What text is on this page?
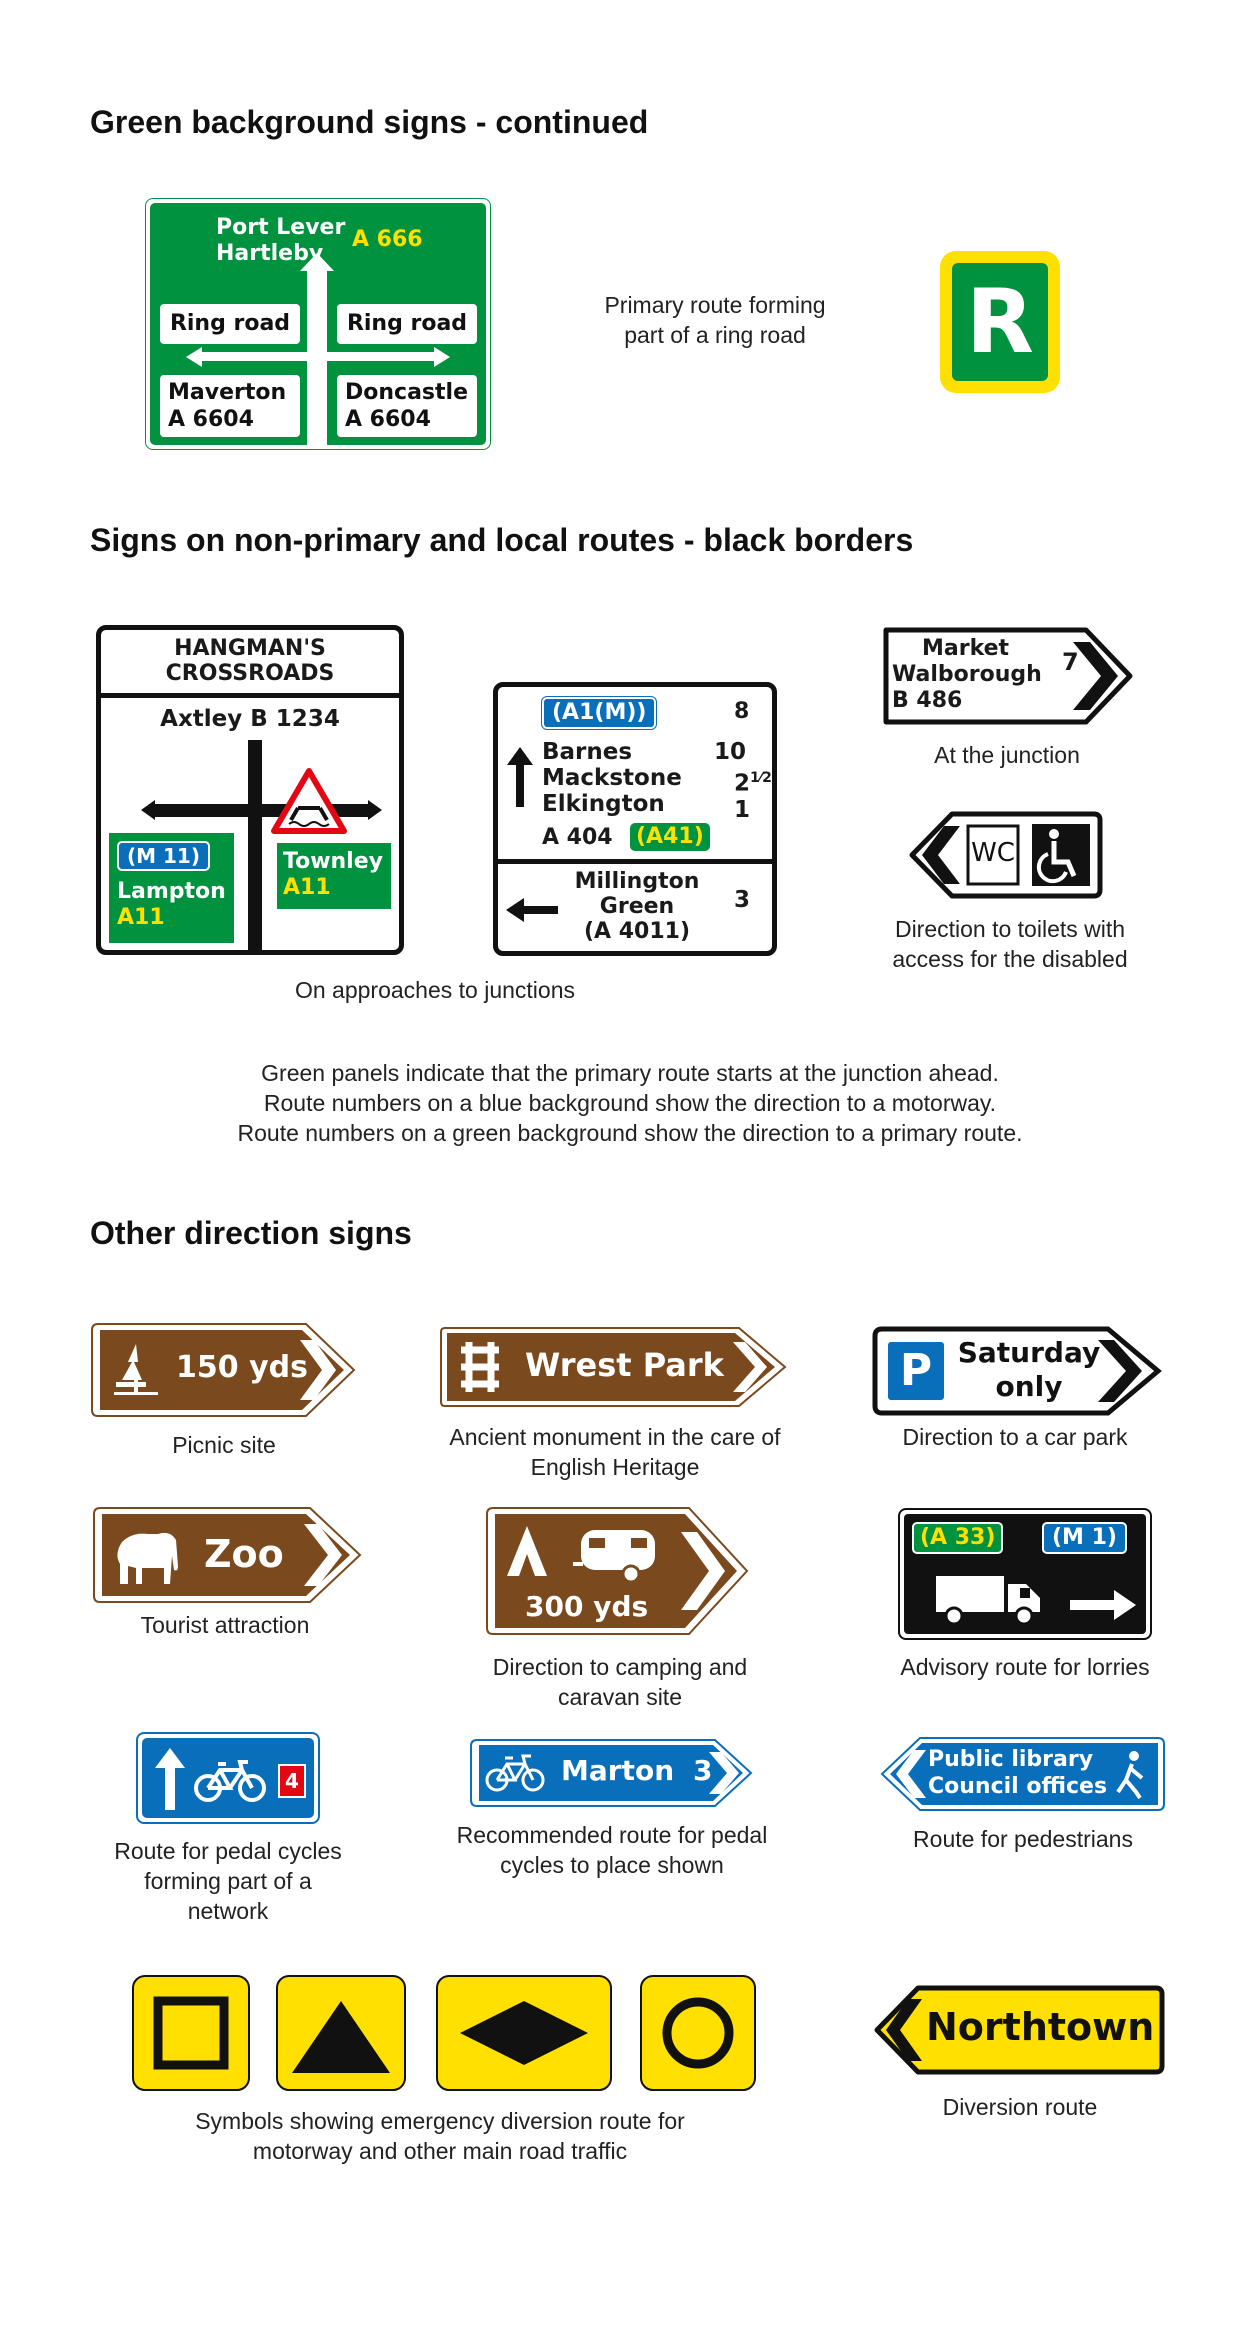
Green background signs - continued
Signs on non-primary and local routes - black borders
Other direction signs
Port Lever
Hartleby
A 666
Ring road	Ring road
Maverton
A 6604
Doncastle
A 6604
Primary route forming part of a ring road	R
HANGMAN'S
CROSSROADS
Axtley B 1234
(M 11)
Lampton
A11
Townley
A11
(A1(M))	8
Barnes
Mackstone
Elkington
10
$2^{1⁄2}$
1
A 404 (A41)
Millington
Green
(A 4011)
3
On approaches to junctions
Market
Walborough
B 486
7
At the junction
WC
Direction to toilets with access for the disabled
Green panels indicate that the primary route starts at the junction ahead.
Route numbers on a blue background show the direction to a motorway.
Route numbers on a green background show the direction to a primary route.
150 yds
Picnic site
Wrest Park
Ancient monument in the care of English Heritage
P Saturday
only
Direction to a car park
Zoo
Tourist attraction
300 yds
Direction to camping and caravan site
(A 33)	(M 1)
Advisory route for lorries
4
Route for pedal cycles forming part of a network
Marton 3
Recommended route for pedal cycles to place shown
Public library
Council offices
Route for pedestrians
Symbols showing emergency diversion route for motorway and other main road traffic
Northtown
Diversion route
